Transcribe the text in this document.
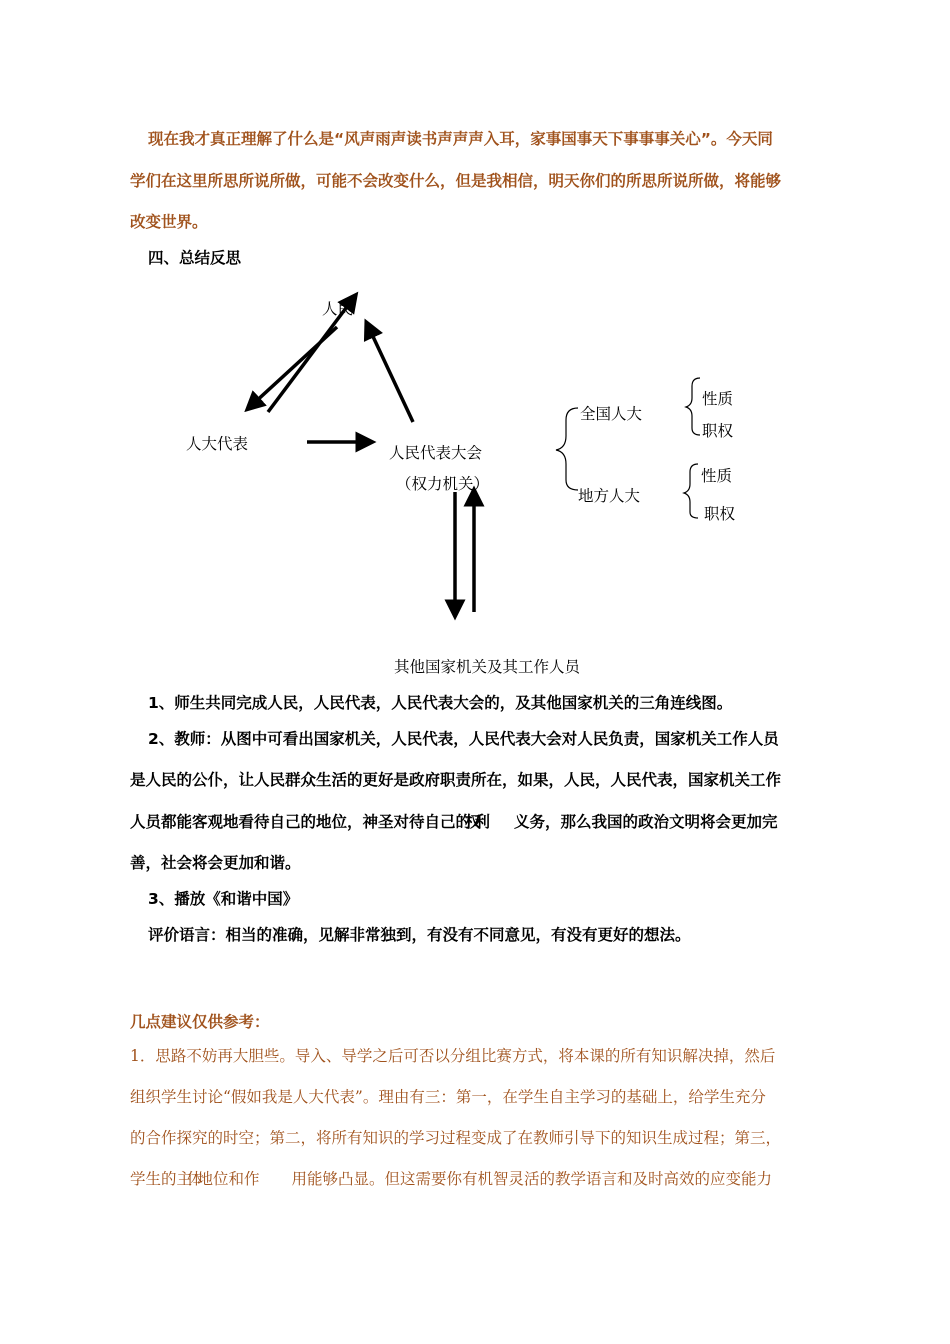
现在我才真正理解了什么是“风声雨声读书声声声入耳，家事国事天下事事事关心”。今天同
学们在这里所思所说所做，可能不会改变什么，但是我相信，明天你们的所思所说所做，将能够
改变世界。
四、总结反思
人民
人大代表	人民代表大会
（权力机关）
全国人大
地方人大
性质
职权
性质
职权
其他国家机关及其工作人员
1、师生共同完成人民，人民代表，人民代表大会的，及其他国家机关的三角连线图。
2、教师：从图中可看出国家机关，人民代表，人民代表大会对人民负责，国家机关工作人员
是人民的公仆，让人民群众生活的更好是政府职责所在，如果，人民，人民代表，国家机关工作
人员都能客观地看待自己的地位，神圣对待自己的权利 义务，那么我国的政治文明将会更加完
善，社会将会更加和谐。
3、播放《和谐中国》
评价语言：相当的准确，见解非常独到，有没有不同意见，有没有更好的想法。
几点建议仅供参考：
1．思路不妨再大胆些。导入、导学之后可否以分组比赛方式，将本课的所有知识解决掉，然后
组织学生讨论“假如我是人大代表”。理由有三：第一，在学生自主学习的基础上，给学生充分
的合作探究的时空；第二，将所有知识的学习过程变成了在教师引导下的知识生成过程；第三，
学生的主体地位和作 用能够凸显。但这需要你有机智灵活的教学语言和及时高效的应变能力
